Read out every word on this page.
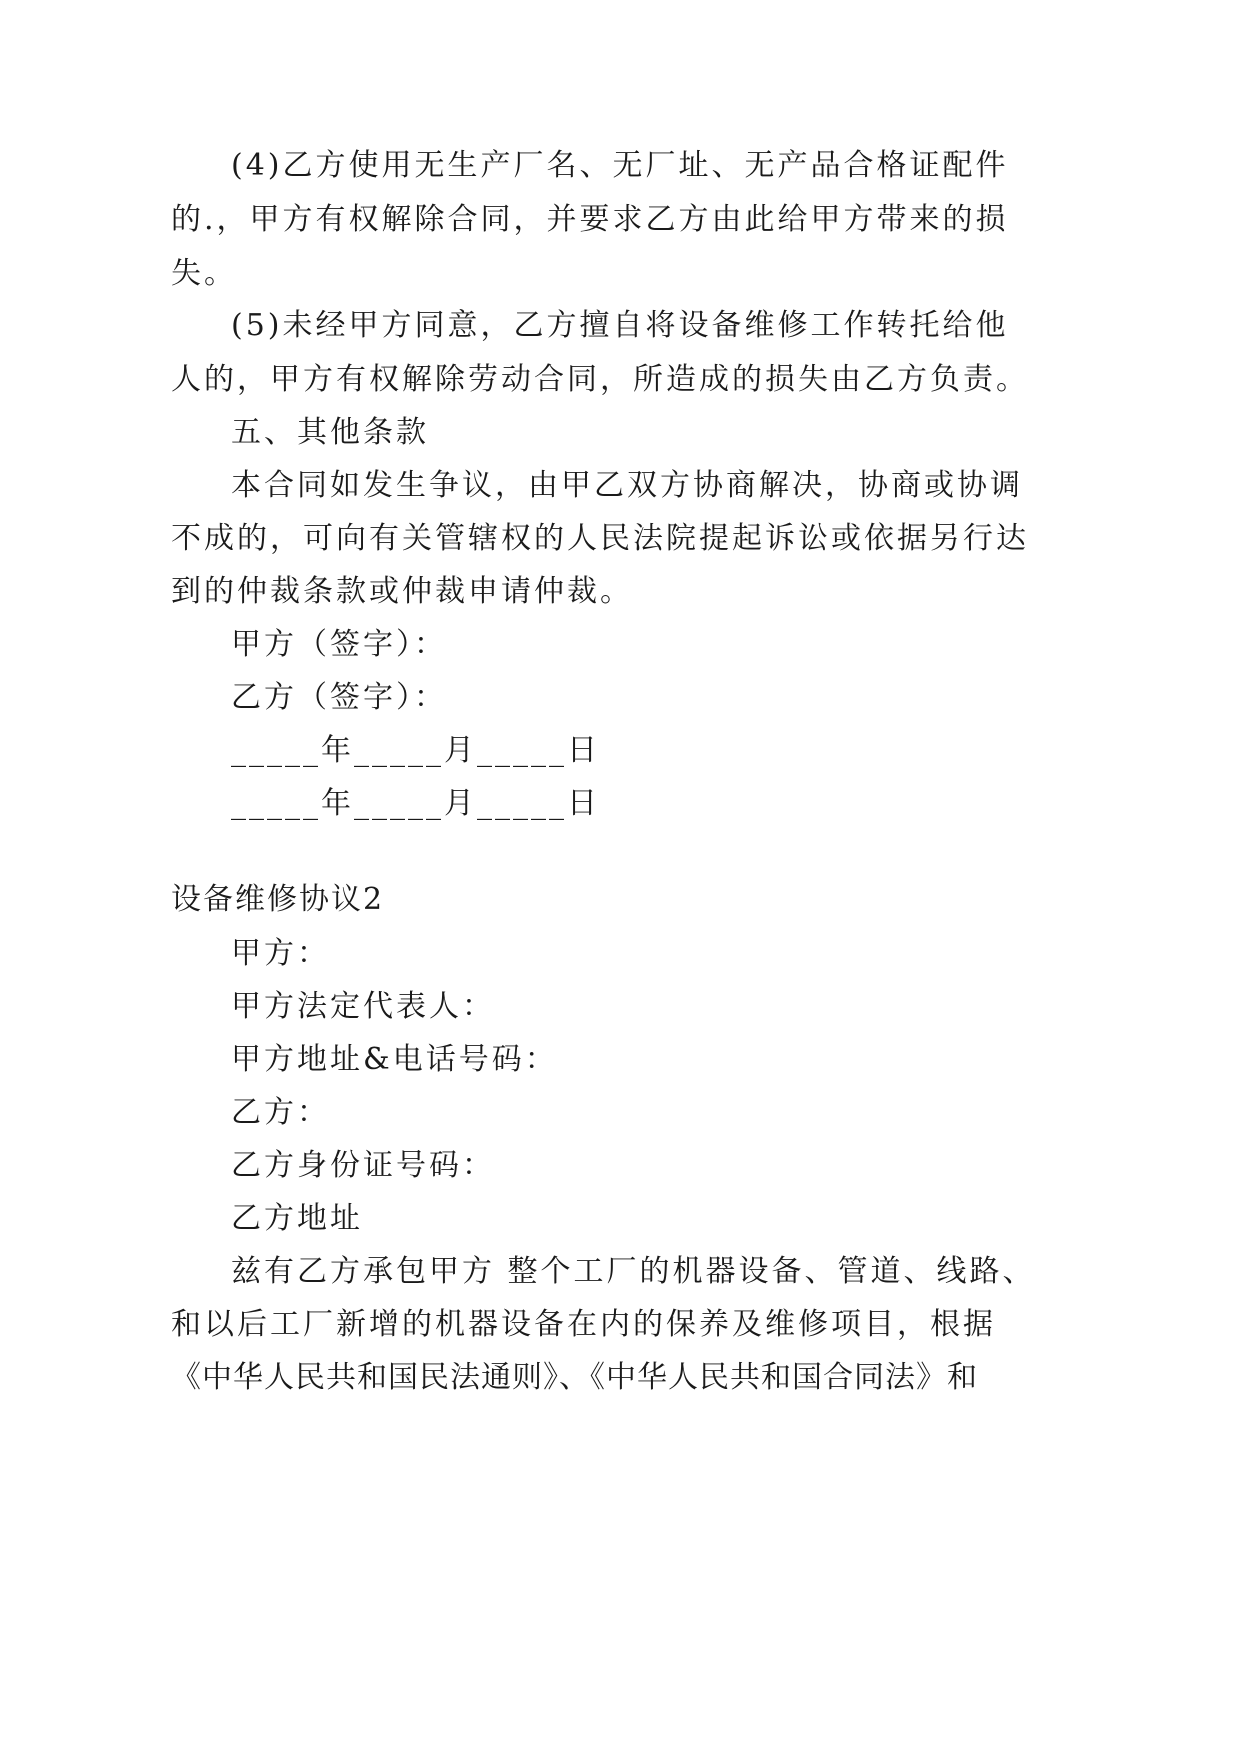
(4)乙方使用无生产厂名、无厂址、无产品合格证配件
的.，甲方有权解除合同，并要求乙方由此给甲方带来的损
失。
(5)未经甲方同意，乙方擅自将设备维修工作转托给他
人的，甲方有权解除劳动合同，所造成的损失由乙方负责。
五、其他条款
本合同如发生争议，由甲乙双方协商解决，协商或协调
不成的，可向有关管辖权的人民法院提起诉讼或依据另行达
到的仲裁条款或仲裁申请仲裁。
甲方（签字）：
乙方（签字）：
_____年_____月_____日
_____年_____月_____日
设备维修协议2
甲方：
甲方法定代表人：
甲方地址&电话号码：
乙方：
乙方身份证号码：
乙方地址
兹有乙方承包甲方 整个工厂的机器设备、管道、线路、
和以后工厂新增的机器设备在内的保养及维修项目，根据
《中华人民共和国民法通则》、《中华人民共和国合同法》和
